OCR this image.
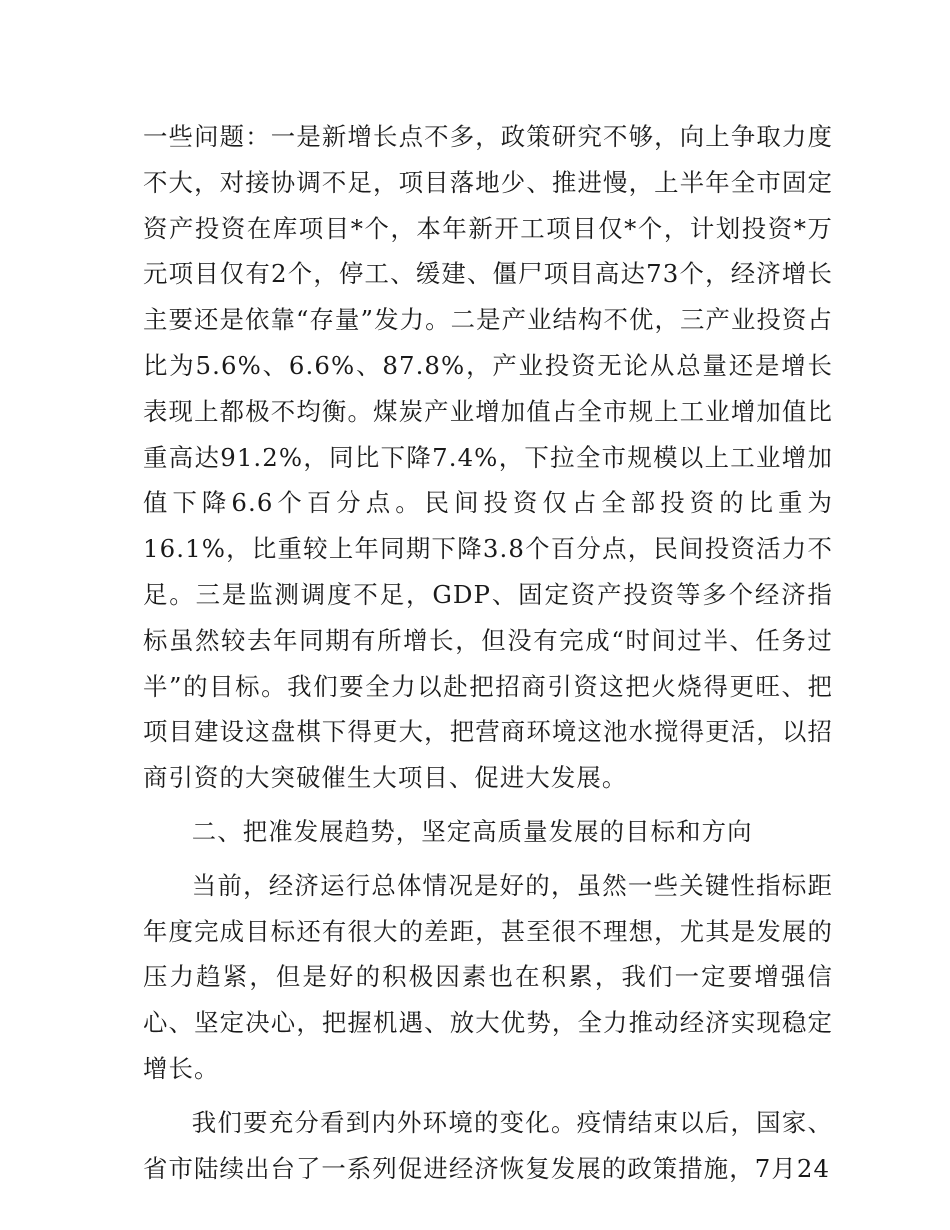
一些问题：一是新增长点不多，政策研究不够，向上争取力度不大，对接协调不足，项目落地少、推进慢，上半年全市固定资产投资在库项目*个，本年新开工项目仅*个，计划投资*万元项目仅有2个，停工、缓建、僵尸项目高达73个，经济增长主要还是依靠“存量”发力。二是产业结构不优，三产业投资占比为5.6%、6.6%、87.8%，产业投资无论从总量还是增长表现上都极不均衡。煤炭产业增加值占全市规上工业增加值比重高达91.2%，同比下降7.4%，下拉全市规模以上工业增加值下降6.6个百分点。民间投资仅占全部投资的比重为16.1%，比重较上年同期下降3.8个百分点，民间投资活力不足。三是监测调度不足，GDP、固定资产投资等多个经济指标虽然较去年同期有所增长，但没有完成“时间过半、任务过半”的目标。我们要全力以赴把招商引资这把火烧得更旺、把项目建设这盘棋下得更大，把营商环境这池水搅得更活，以招商引资的大突破催生大项目、促进大发展。

二、把准发展趋势，坚定高质量发展的目标和方向

当前，经济运行总体情况是好的，虽然一些关键性指标距年度完成目标还有很大的差距，甚至很不理想，尤其是发展的压力趋紧，但是好的积极因素也在积累，我们一定要增强信心、坚定决心，把握机遇、放大优势，全力推动经济实现稳定增长。

我们要充分看到内外环境的变化。疫情结束以后，国家、省市陆续出台了一系列促进经济恢复发展的政策措施，7月24
